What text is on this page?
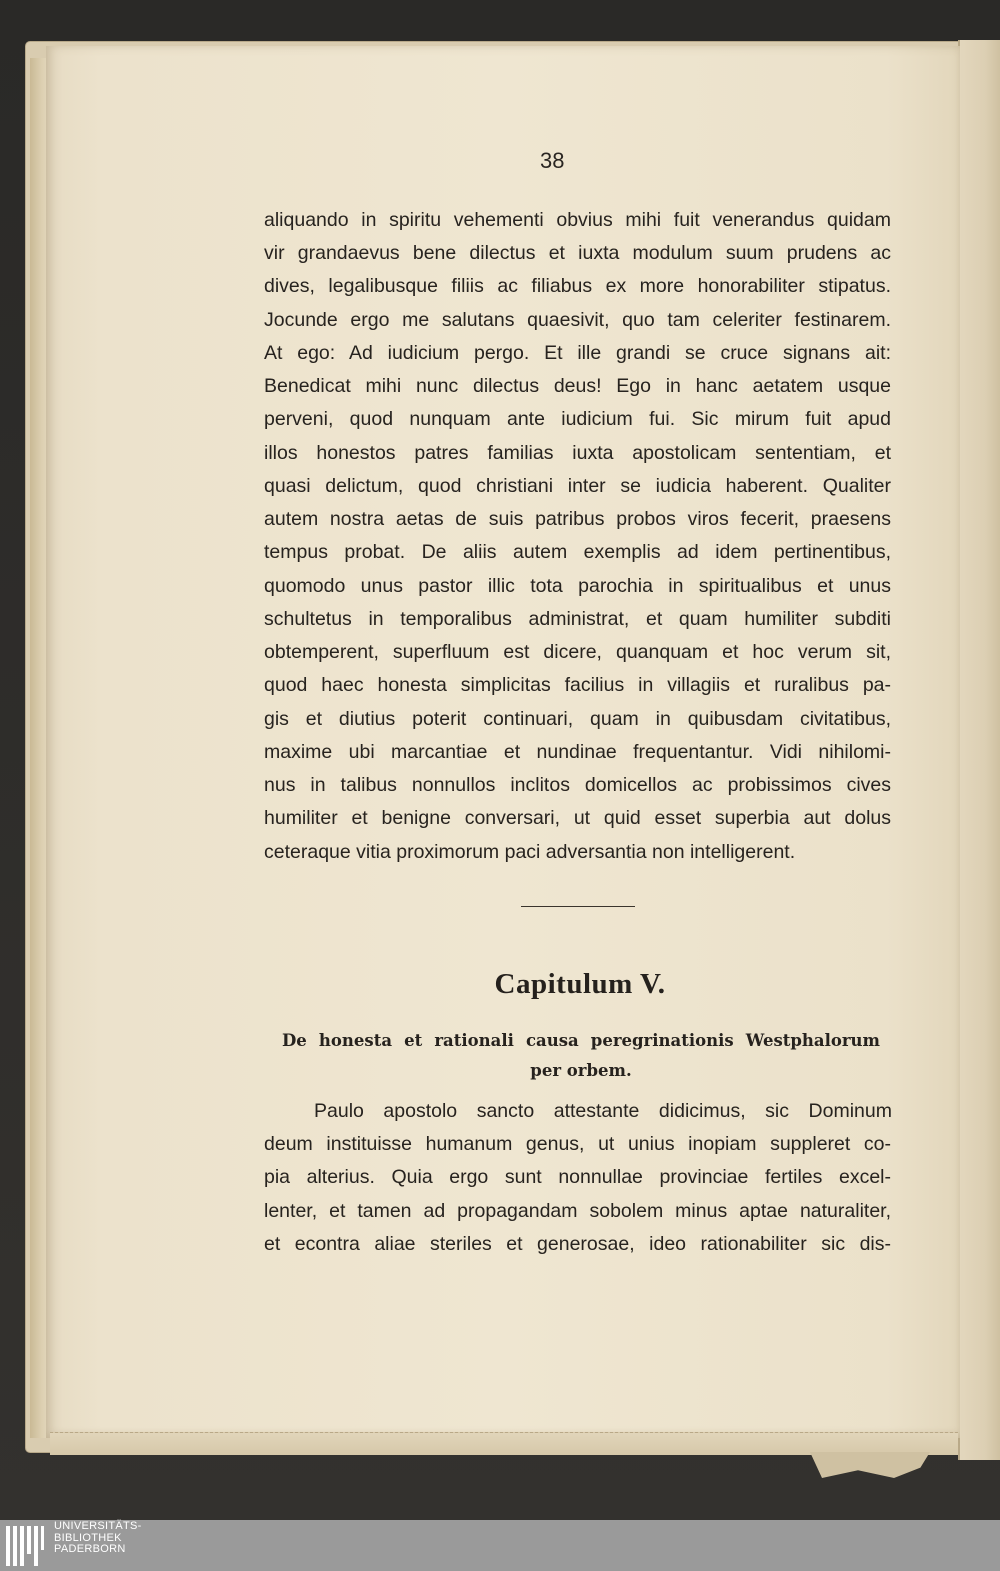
38
aliquando in spiritu vehementi obvius mihi fuit venerandus quidam
vir grandaevus bene dilectus et iuxta modulum suum prudens ac
dives, legalibusque filiis ac filiabus ex more honorabiliter stipatus.
Jocunde ergo me salutans quaesivit, quo tam celeriter festinarem.
At ego: Ad iudicium pergo. Et ille grandi se cruce signans ait:
Benedicat mihi nunc dilectus deus! Ego in hanc aetatem usque
perveni, quod nunquam ante iudicium fui. Sic mirum fuit apud
illos honestos patres familias iuxta apostolicam sententiam, et
quasi delictum, quod christiani inter se iudicia haberent. Qualiter
autem nostra aetas de suis patribus probos viros fecerit, praesens
tempus probat. De aliis autem exemplis ad idem pertinentibus,
quomodo unus pastor illic tota parochia in spiritualibus et unus
schultetus in temporalibus administrat, et quam humiliter subditi
obtemperent, superfluum est dicere, quanquam et hoc verum sit,
quod haec honesta simplicitas facilius in villagiis et ruralibus pa-
gis et diutius poterit continuari, quam in quibusdam civitatibus,
maxime ubi marcantiae et nundinae frequentantur. Vidi nihilomi-
nus in talibus nonnullos inclitos domicellos ac probissimos cives
humiliter et benigne conversari, ut quid esset superbia aut dolus
ceteraque vitia proximorum paci adversantia non intelligerent.
Capitulum V.
De honesta et rationali causa peregrinationis Westphalorum
per orbem.
Paulo apostolo sancto attestante didicimus, sic Dominum
deum instituisse humanum genus, ut unius inopiam suppleret co-
pia alterius. Quia ergo sunt nonnullae provinciae fertiles excel-
lenter, et tamen ad propagandam sobolem minus aptae naturaliter,
et econtra aliae steriles et generosae, ideo rationabiliter sic dis-
UNIVERSITÄTS-
BIBLIOTHEK
PADERBORN
